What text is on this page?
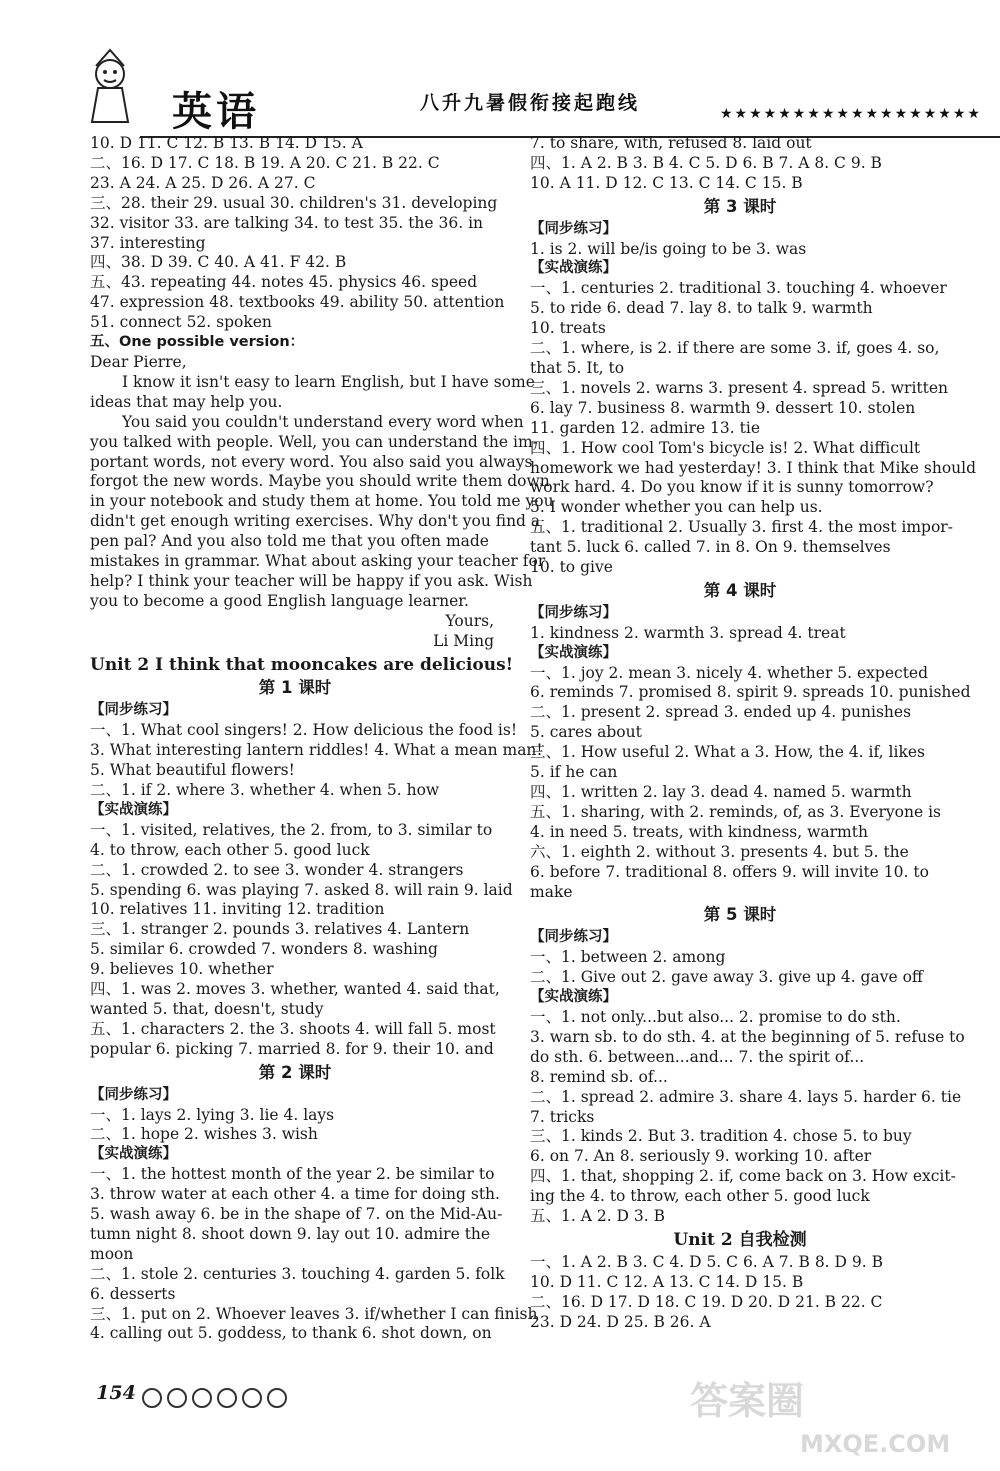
英语	八升九暑假衔接起跑线	★★★★★★★★★★★★★★★★★★
10. D 11. C 12. B 13. B 14. D 15. A
二、16. D 17. C 18. B 19. A 20. C 21. B 22. C
23. A 24. A 25. D 26. A 27. C
三、28. their 29. usual 30. children's 31. developing
32. visitor 33. are talking 34. to test 35. the 36. in
37. interesting
四、38. D 39. C 40. A 41. F 42. B
五、43. repeating 44. notes 45. physics 46. speed
47. expression 48. textbooks 49. ability 50. attention
51. connect 52. spoken
五、One possible version：
Dear Pierre,
I know it isn't easy to learn English, but I have some
ideas that may help you.
You said you couldn't understand every word when
you talked with people. Well, you can understand the im-
portant words, not every word. You also said you always
forgot the new words. Maybe you should write them down
in your notebook and study them at home. You told me you
didn't get enough writing exercises. Why don't you find a
pen pal? And you also told me that you often made
mistakes in grammar. What about asking your teacher for
help? I think your teacher will be happy if you ask. Wish
you to become a good English language learner.
Yours,
Li Ming
Unit 2 I think that mooncakes are delicious!
第 1 课时
【同步练习】
一、1. What cool singers! 2. How delicious the food is!
3. What interesting lantern riddles! 4. What a mean man!
5. What beautiful flowers!
二、1. if 2. where 3. whether 4. when 5. how
【实战演练】
一、1. visited, relatives, the 2. from, to 3. similar to
4. to throw, each other 5. good luck
二、1. crowded 2. to see 3. wonder 4. strangers
5. spending 6. was playing 7. asked 8. will rain 9. laid
10. relatives 11. inviting 12. tradition
三、1. stranger 2. pounds 3. relatives 4. Lantern
5. similar 6. crowded 7. wonders 8. washing
9. believes 10. whether
四、1. was 2. moves 3. whether, wanted 4. said that,
wanted 5. that, doesn't, study
五、1. characters 2. the 3. shoots 4. will fall 5. most
popular 6. picking 7. married 8. for 9. their 10. and
第 2 课时
【同步练习】
一、1. lays 2. lying 3. lie 4. lays
二、1. hope 2. wishes 3. wish
【实战演练】
一、1. the hottest month of the year 2. be similar to
3. throw water at each other 4. a time for doing sth.
5. wash away 6. be in the shape of 7. on the Mid-Au-
tumn night 8. shoot down 9. lay out 10. admire the
moon
二、1. stole 2. centuries 3. touching 4. garden 5. folk
6. desserts
三、1. put on 2. Whoever leaves 3. if/whether I can finish
4. calling out 5. goddess, to thank 6. shot down, on
7. to share, with, refused 8. laid out
四、1. A 2. B 3. B 4. C 5. D 6. B 7. A 8. C 9. B
10. A 11. D 12. C 13. C 14. C 15. B
第 3 课时
【同步练习】
1. is 2. will be/is going to be 3. was
【实战演练】
一、1. centuries 2. traditional 3. touching 4. whoever
5. to ride 6. dead 7. lay 8. to talk 9. warmth
10. treats
二、1. where, is 2. if there are some 3. if, goes 4. so,
that 5. It, to
三、1. novels 2. warns 3. present 4. spread 5. written
6. lay 7. business 8. warmth 9. dessert 10. stolen
11. garden 12. admire 13. tie
四、1. How cool Tom's bicycle is! 2. What difficult
homework we had yesterday! 3. I think that Mike should
work hard. 4. Do you know if it is sunny tomorrow?
5. I wonder whether you can help us.
五、1. traditional 2. Usually 3. first 4. the most impor-
tant 5. luck 6. called 7. in 8. On 9. themselves
10. to give
第 4 课时
【同步练习】
1. kindness 2. warmth 3. spread 4. treat
【实战演练】
一、1. joy 2. mean 3. nicely 4. whether 5. expected
6. reminds 7. promised 8. spirit 9. spreads 10. punished
二、1. present 2. spread 3. ended up 4. punishes
5. cares about
三、1. How useful 2. What a 3. How, the 4. if, likes
5. if he can
四、1. written 2. lay 3. dead 4. named 5. warmth
五、1. sharing, with 2. reminds, of, as 3. Everyone is
4. in need 5. treats, with kindness, warmth
六、1. eighth 2. without 3. presents 4. but 5. the
6. before 7. traditional 8. offers 9. will invite 10. to
make
第 5 课时
【同步练习】
一、1. between 2. among
二、1. Give out 2. gave away 3. give up 4. gave off
【实战演练】
一、1. not only...but also... 2. promise to do sth.
3. warn sb. to do sth. 4. at the beginning of 5. refuse to
do sth. 6. between...and... 7. the spirit of...
8. remind sb. of...
二、1. spread 2. admire 3. share 4. lays 5. harder 6. tie
7. tricks
三、1. kinds 2. But 3. tradition 4. chose 5. to buy
6. on 7. An 8. seriously 9. working 10. after
四、1. that, shopping 2. if, come back on 3. How excit-
ing the 4. to throw, each other 5. good luck
五、1. A 2. D 3. B
Unit 2 自我检测
一、1. A 2. B 3. C 4. D 5. C 6. A 7. B 8. D 9. B
10. D 11. C 12. A 13. C 14. D 15. B
二、16. D 17. D 18. C 19. D 20. D 21. B 22. C
23. D 24. D 25. B 26. A
154	答案圈
MXQE.COM
